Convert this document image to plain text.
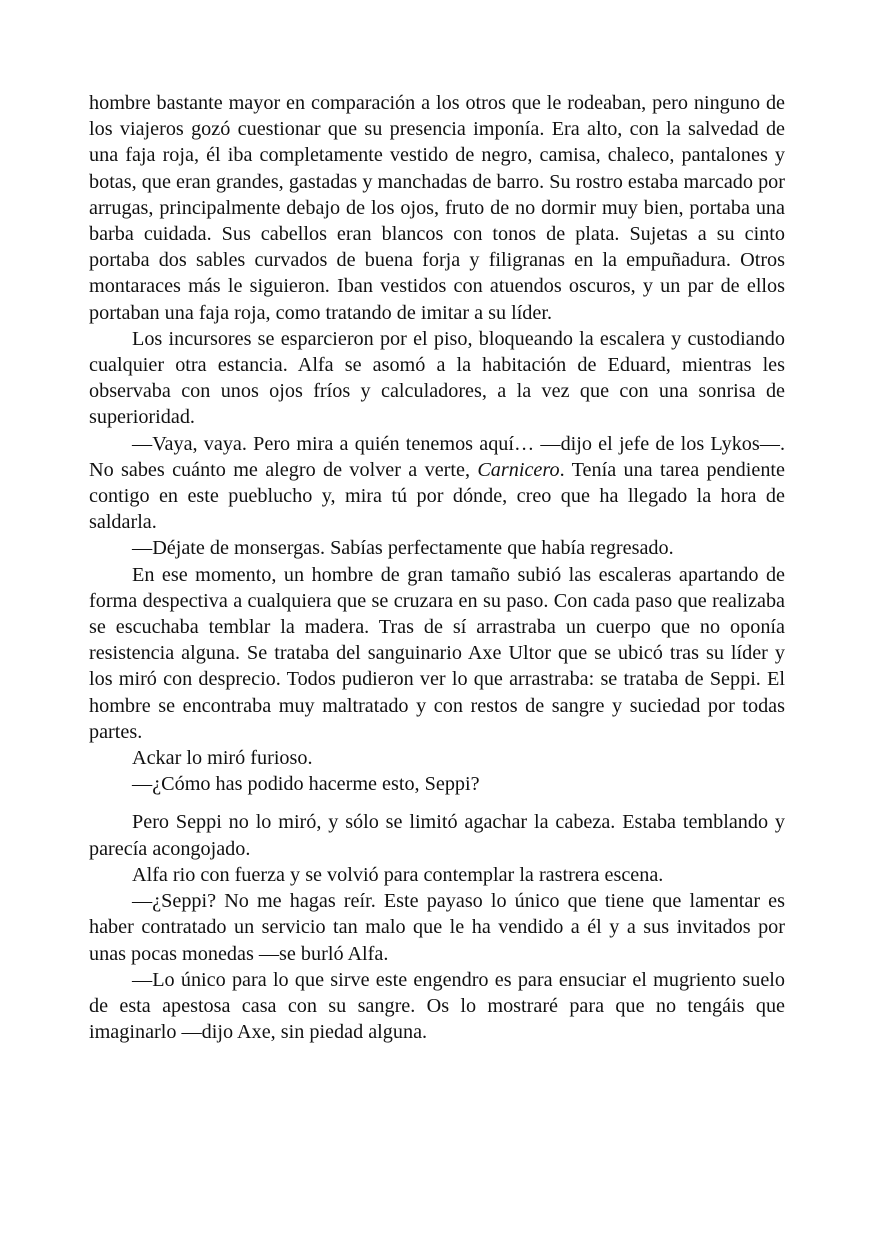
hombre bastante mayor en comparación a los otros que le rodeaban, pero ninguno de los viajeros gozó cuestionar que su presencia imponía. Era alto, con la salvedad de una faja roja, él iba completamente vestido de negro, camisa, chaleco, pantalones y botas, que eran grandes, gastadas y manchadas de barro. Su rostro estaba marcado por arrugas, principalmente debajo de los ojos, fruto de no dormir muy bien, portaba una barba cuidada. Sus cabellos eran blancos con tonos de plata. Sujetas a su cinto portaba dos sables curvados de buena forja y filigranas en la empuñadura. Otros montaraces más le siguieron. Iban vestidos con atuendos oscuros, y un par de ellos portaban una faja roja, como tratando de imitar a su líder.

Los incursores se esparcieron por el piso, bloqueando la escalera y custodiando cualquier otra estancia. Alfa se asomó a la habitación de Eduard, mientras les observaba con unos ojos fríos y calculadores, a la vez que con una sonrisa de superioridad.

—Vaya, vaya. Pero mira a quién tenemos aquí… —dijo el jefe de los Lykos—. No sabes cuánto me alegro de volver a verte, Carnicero. Tenía una tarea pendiente contigo en este pueblucho y, mira tú por dónde, creo que ha llegado la hora de saldarla.

—Déjate de monsergas. Sabías perfectamente que había regresado.

En ese momento, un hombre de gran tamaño subió las escaleras apartando de forma despectiva a cualquiera que se cruzara en su paso. Con cada paso que realizaba se escuchaba temblar la madera. Tras de sí arrastraba un cuerpo que no oponía resistencia alguna. Se trataba del sanguinario Axe Ultor que se ubicó tras su líder y los miró con desprecio. Todos pudieron ver lo que arrastraba: se trataba de Seppi. El hombre se encontraba muy maltratado y con restos de sangre y suciedad por todas partes.

Ackar lo miró furioso.

—¿Cómo has podido hacerme esto, Seppi?

Pero Seppi no lo miró, y sólo se limitó agachar la cabeza. Estaba temblando y parecía acongojado.

Alfa rio con fuerza y se volvió para contemplar la rastrera escena.

—¿Seppi? No me hagas reír. Este payaso lo único que tiene que lamentar es haber contratado un servicio tan malo que le ha vendido a él y a sus invitados por unas pocas monedas —se burló Alfa.

—Lo único para lo que sirve este engendro es para ensuciar el mugriento suelo de esta apestosa casa con su sangre. Os lo mostraré para que no tengáis que imaginarlo —dijo Axe, sin piedad alguna.
